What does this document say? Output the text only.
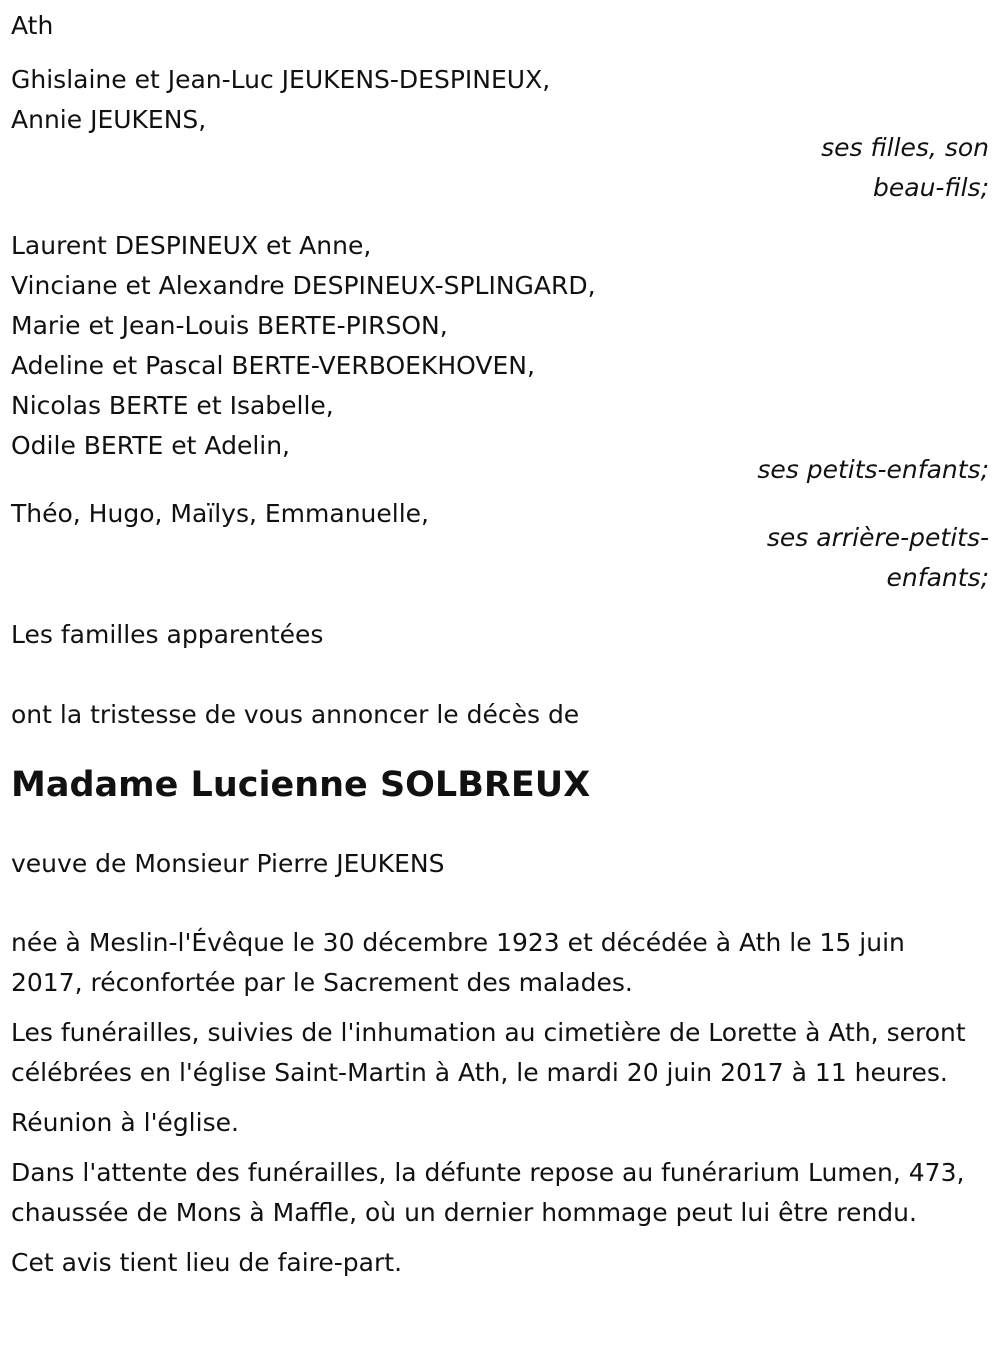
Ath

Ghislaine et Jean-Luc JEUKENS-DESPINEUX,

Annie JEUKENS,

ses filles, son

beau-fils;

Laurent DESPINEUX et Anne,

Vinciane et Alexandre DESPINEUX-SPLINGARD,

Marie et Jean-Louis BERTE-PIRSON,

Adeline et Pascal BERTE-VERBOEKHOVEN,

Nicolas BERTE et Isabelle,

Odile BERTE et Adelin,

ses petits-enfants;

Théo, Hugo, Maïlys, Emmanuelle,

ses arrière-petits-

enfants;

Les familles apparentées

ont la tristesse de vous annoncer le décès de

Madame Lucienne SOLBREUX

veuve de Monsieur Pierre JEUKENS

née à Meslin-l'Évêque le 30 décembre 1923 et décédée à Ath le 15 juin 2017, réconfortée par le Sacrement des malades.

Les funérailles, suivies de l'inhumation au cimetière de Lorette à Ath, seront célébrées en l'église Saint-Martin à Ath, le mardi 20 juin 2017 à 11 heures.

Réunion à l'église.

Dans l'attente des funérailles, la défunte repose au funérarium Lumen, 473, chaussée de Mons à Maffle, où un dernier hommage peut lui être rendu.

Cet avis tient lieu de faire-part.
